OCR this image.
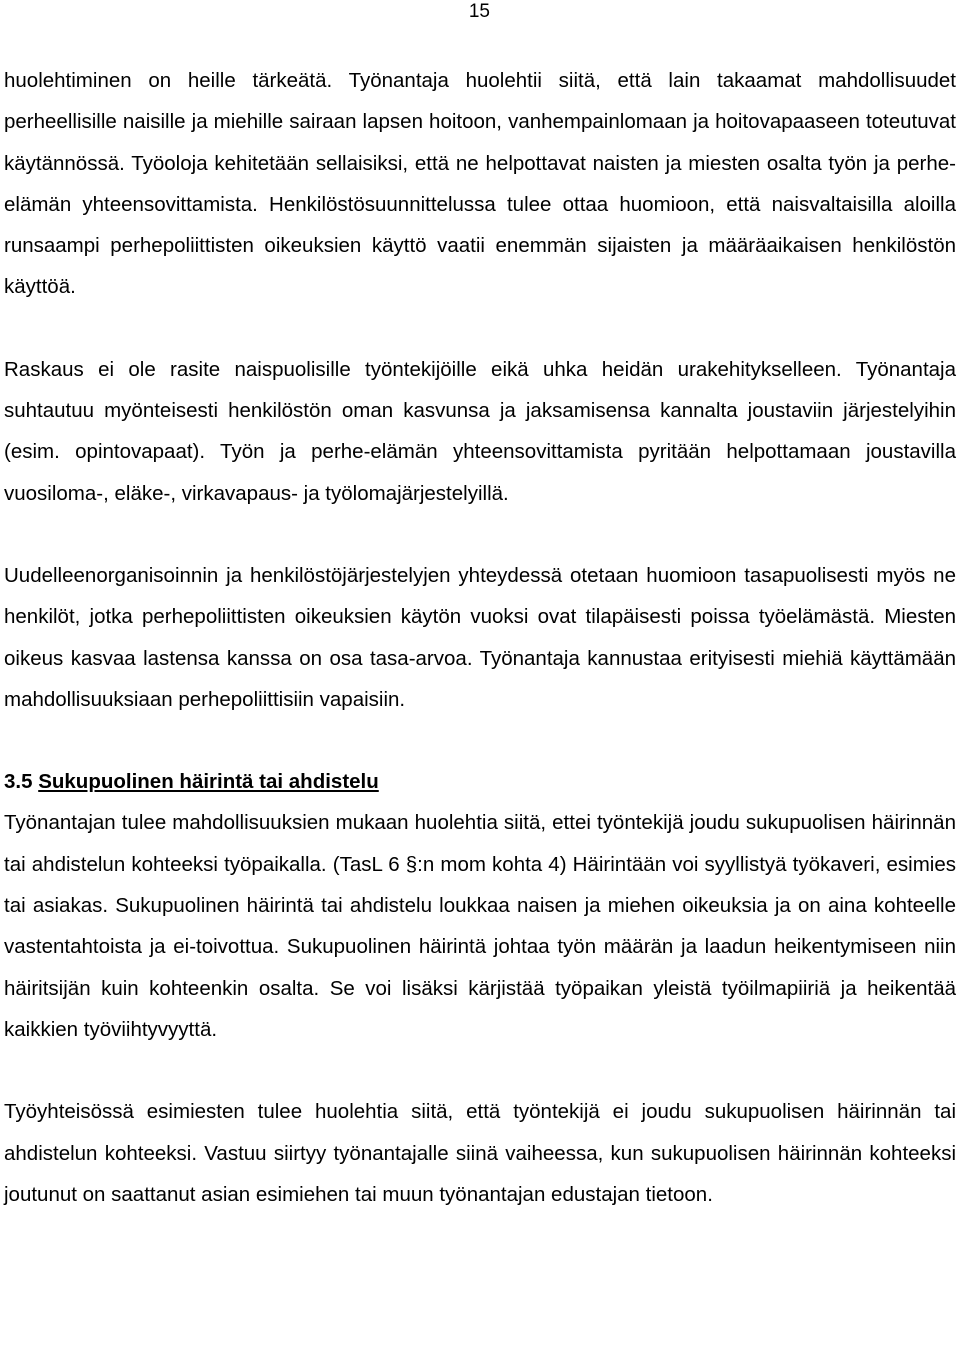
15

huolehtiminen on heille tärkeätä. Työnantaja huolehtii siitä, että lain takaamat mahdollisuudet perheellisille naisille ja miehille sairaan lapsen hoitoon, vanhempainlomaan ja hoitovapaaseen toteutuvat käytännössä. Työoloja kehitetään sellaisiksi, että ne helpottavat naisten ja miesten osalta työn ja perhe-elämän yhteensovittamista. Henkilöstösuunnittelussa tulee ottaa huomioon, että naisvaltaisilla aloilla runsaampi perhepoliittisten oikeuksien käyttö vaatii enemmän sijaisten ja määräaikaisen henkilöstön käyttöä.

Raskaus ei ole rasite naispuolisille työntekijöille eikä uhka heidän urakehitykselleen. Työnantaja suhtautuu myönteisesti henkilöstön oman kasvunsa ja jaksamisensa kannalta joustaviin järjestelyihin (esim. opintovapaat). Työn ja perhe-elämän yhteensovittamista pyritään helpottamaan joustavilla vuosiloma-, eläke-, virkavapaus- ja työlomajärjestelyillä.

Uudelleenorganisoinnin ja henkilöstöjärjestelyjen yhteydessä otetaan huomioon tasapuolisesti myös ne henkilöt, jotka perhepoliittisten oikeuksien käytön vuoksi ovat tilapäisesti poissa työelämästä. Miesten oikeus kasvaa lastensa kanssa on osa tasa-arvoa. Työnantaja kannustaa erityisesti miehiä käyttämään mahdollisuuksiaan perhepoliittisiin vapaisiin.

3.5 Sukupuolinen häirintä tai ahdistelu

Työnantajan tulee mahdollisuuksien mukaan huolehtia siitä, ettei työntekijä joudu sukupuolisen häirinnän tai ahdistelun kohteeksi työpaikalla. (TasL 6 §:n mom kohta 4) Häirintään voi syyllistyä työkaveri, esimies tai asiakas. Sukupuolinen häirintä tai ahdistelu loukkaa naisen ja miehen oikeuksia ja on aina kohteelle vastentahtoista ja ei-toivottua. Sukupuolinen häirintä johtaa työn määrän ja laadun heikentymiseen niin häiritsijän kuin kohteenkin osalta. Se voi lisäksi kärjistää työpaikan yleistä työilmapiiriä ja heikentää kaikkien työviihtyvyyttä.

Työyhteisössä esimiesten tulee huolehtia siitä, että työntekijä ei joudu sukupuolisen häirinnän tai ahdistelun kohteeksi. Vastuu siirtyy työnantajalle siinä vaiheessa, kun sukupuolisen häirinnän kohteeksi joutunut on saattanut asian esimiehen tai muun työnantajan edustajan tietoon.
